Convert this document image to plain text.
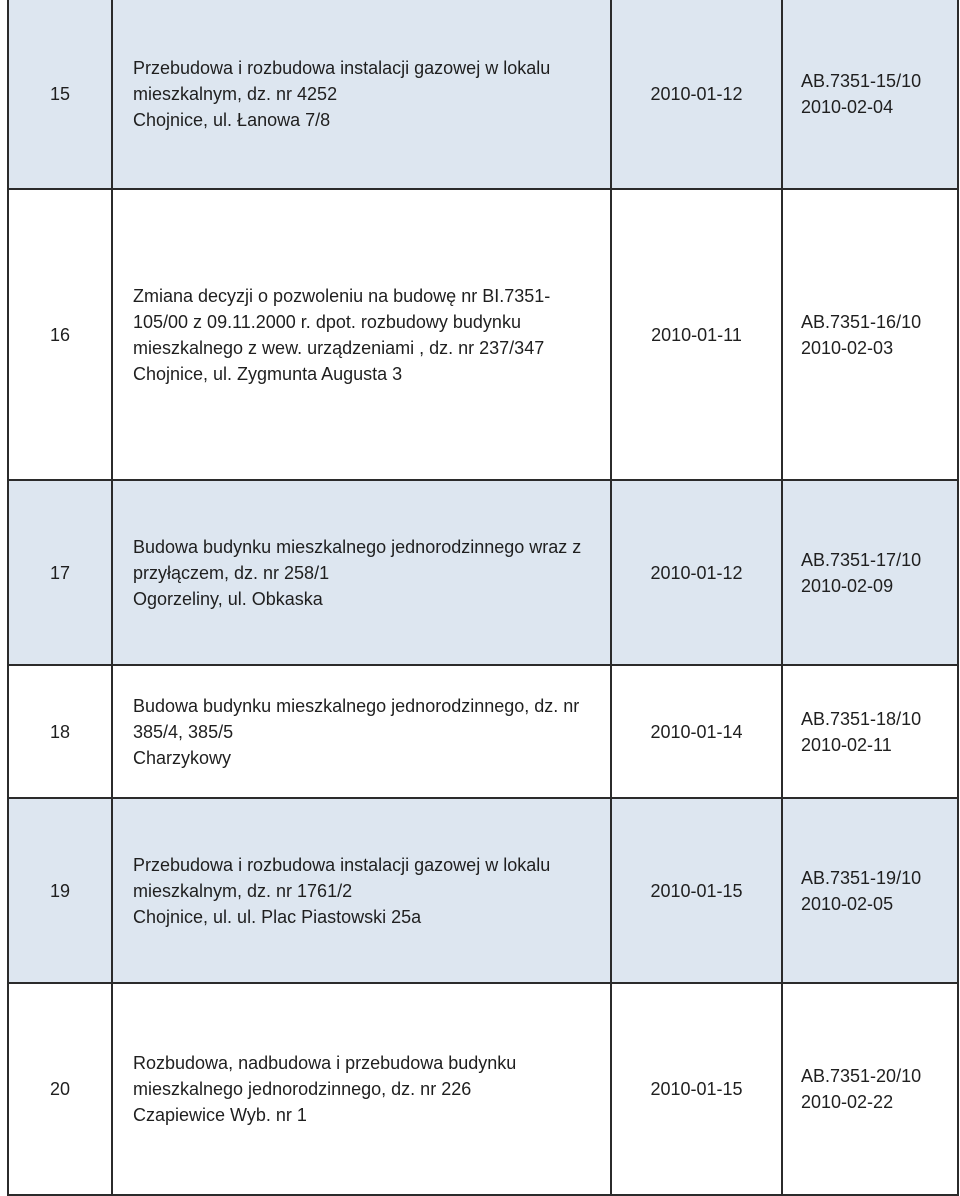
15	Przebudowa i rozbudowa instalacji gazowej w lokalu
mieszkalnym, dz. nr 4252
Chojnice, ul. Łanowa 7/8	2010-01-12	AB.7351-15/10
2010-02-04

16	Zmiana decyzji o pozwoleniu na budowę nr BI.7351-
105/00 z 09.11.2000 r. dpot. rozbudowy budynku
mieszkalnego z wew. urządzeniami , dz. nr 237/347
Chojnice, ul. Zygmunta Augusta 3	2010-01-11	AB.7351-16/10
2010-02-03

17	Budowa budynku mieszkalnego jednorodzinnego wraz z
przyłączem, dz. nr 258/1
Ogorzeliny, ul. Obkaska	2010-01-12	AB.7351-17/10
2010-02-09

18	Budowa budynku mieszkalnego jednorodzinnego, dz. nr
385/4, 385/5
Charzykowy	2010-01-14	AB.7351-18/10
2010-02-11

19	Przebudowa i rozbudowa instalacji gazowej w lokalu
mieszkalnym, dz. nr 1761/2
Chojnice, ul. ul. Plac Piastowski 25a	2010-01-15	AB.7351-19/10
2010-02-05

20	Rozbudowa, nadbudowa i przebudowa budynku
mieszkalnego jednorodzinnego, dz. nr 226
Czapiewice Wyb. nr 1	2010-01-15	AB.7351-20/10
2010-02-22
